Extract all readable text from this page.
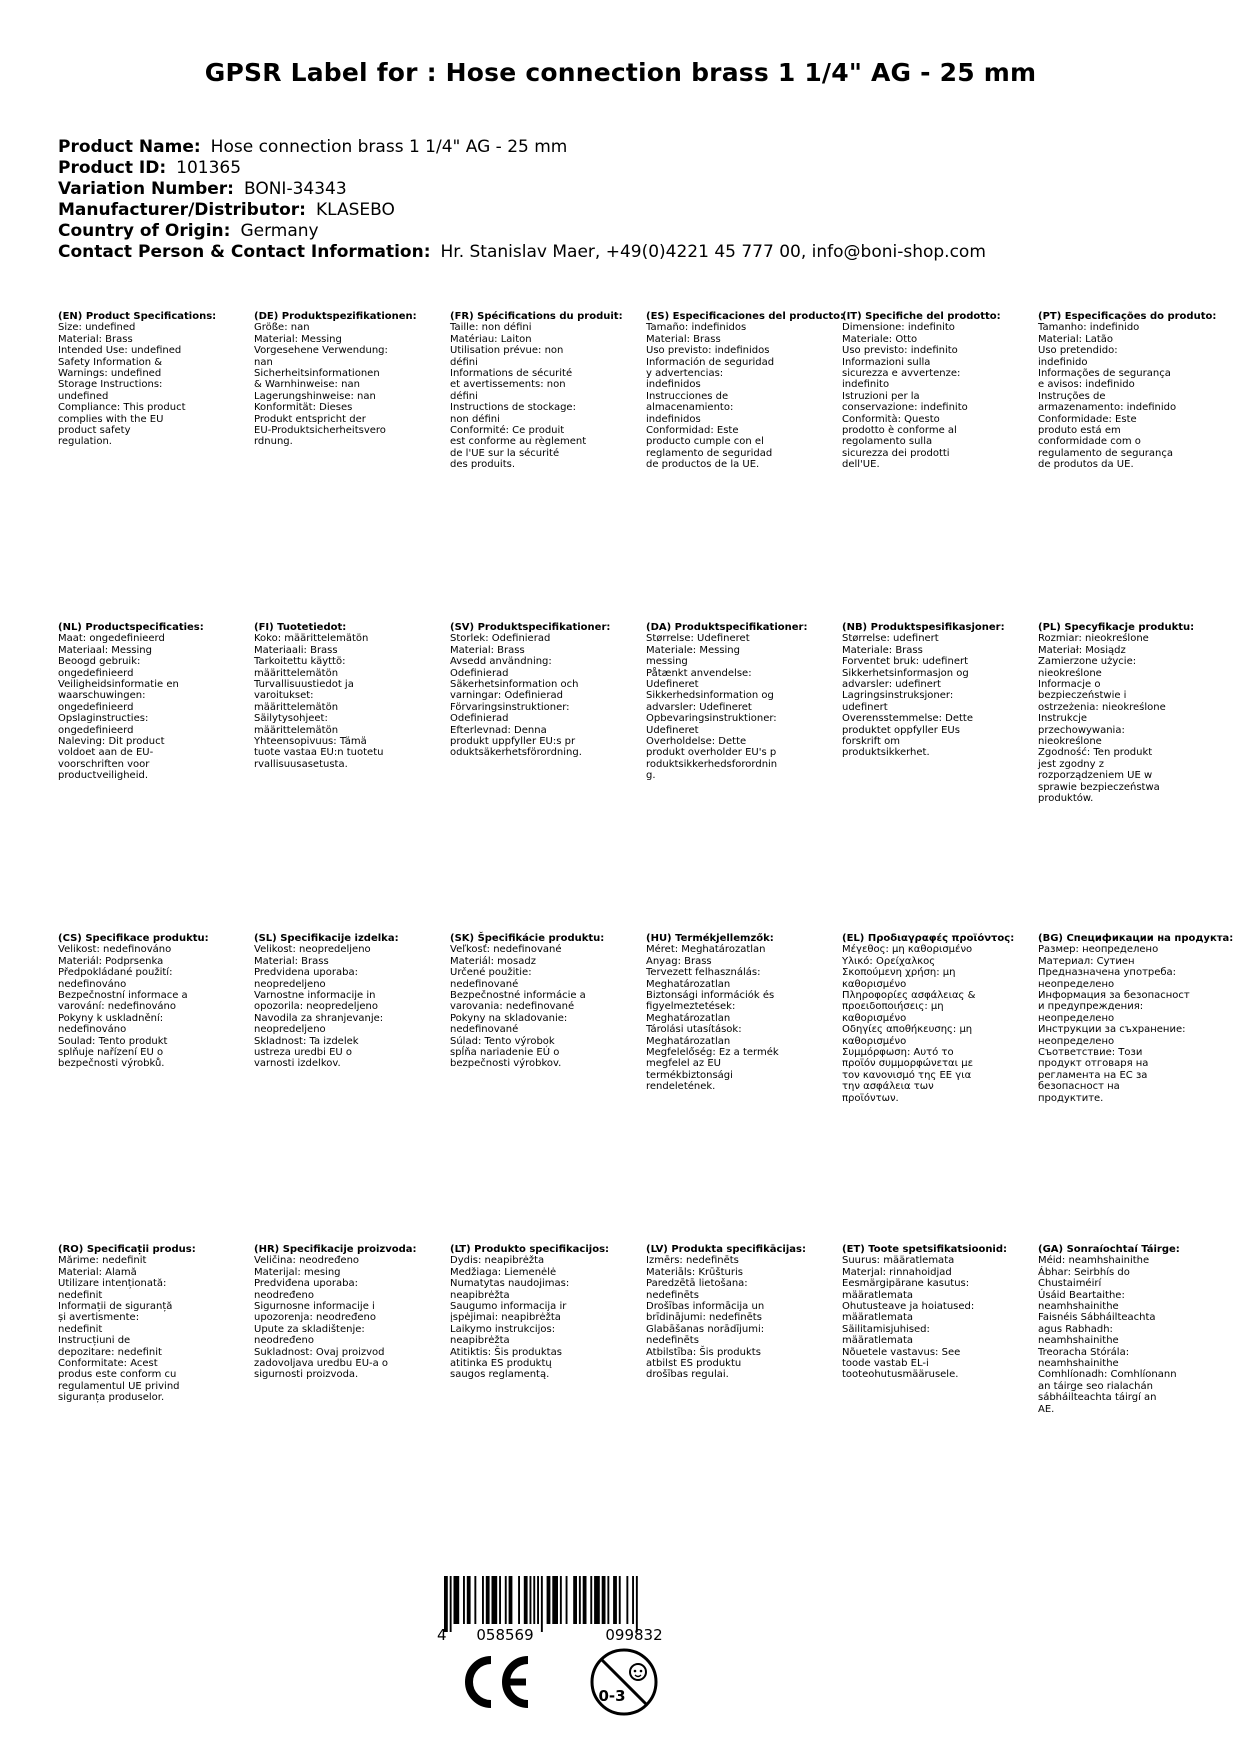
GPSR Label for : Hose connection brass 1 1/4" AG - 25 mm
Product Name: Hose connection brass 1 1/4" AG - 25 mm
Product ID: 101365
Variation Number: BONI-34343
Manufacturer/Distributor: KLASEBO
Country of Origin: Germany
Contact Person & Contact Information: Hr. Stanislav Maer, +49(0)4221 45 777 00, info@boni-shop.com
(EN) Product Specifications:
Size: undefined
Material: Brass
Intended Use: undefined
Safety Information &
Warnings: undefined
Storage Instructions:
undefined
Compliance: This product
complies with the EU
product safety
regulation.
(DE) Produktspezifikationen:
Größe: nan
Material: Messing
Vorgesehene Verwendung:
nan
Sicherheitsinformationen
& Warnhinweise: nan
Lagerungshinweise: nan
Konformität: Dieses
Produkt entspricht der
EU-Produktsicherheitsvero
rdnung.
(FR) Spécifications du produit:
Taille: non défini
Matériau: Laiton
Utilisation prévue: non
défini
Informations de sécurité
et avertissements: non
défini
Instructions de stockage:
non défini
Conformité: Ce produit
est conforme au règlement
de l'UE sur la sécurité
des produits.
(ES) Especificaciones del producto:
Tamaño: indefinidos
Material: Brass
Uso previsto: indefinidos
Información de seguridad
y advertencias:
indefinidos
Instrucciones de
almacenamiento:
indefinidos
Conformidad: Este
producto cumple con el
reglamento de seguridad
de productos de la UE.
(IT) Specifiche del prodotto:
Dimensione: indefinito
Materiale: Otto
Uso previsto: indefinito
Informazioni sulla
sicurezza e avvertenze:
indefinito
Istruzioni per la
conservazione: indefinito
Conformità: Questo
prodotto è conforme al
regolamento sulla
sicurezza dei prodotti
dell'UE.
(PT) Especificações do produto:
Tamanho: indefinido
Material: Latão
Uso pretendido:
indefinido
Informações de segurança
e avisos: indefinido
Instruções de
armazenamento: indefinido
Conformidade: Este
produto está em
conformidade com o
regulamento de segurança
de produtos da UE.
(NL) Productspecificaties:
Maat: ongedefinieerd
Materiaal: Messing
Beoogd gebruik:
ongedefinieerd
Veiligheidsinformatie en
waarschuwingen:
ongedefinieerd
Opslaginstructies:
ongedefinieerd
Naleving: Dit product
voldoet aan de EU-
voorschriften voor
productveiligheid.
(FI) Tuotetiedot:
Koko: määrittelemätön
Materiaali: Brass
Tarkoitettu käyttö:
määrittelemätön
Turvallisuustiedot ja
varoitukset:
määrittelemätön
Säilytysohjeet:
määrittelemätön
Yhteensopivuus: Tämä
tuote vastaa EU:n tuotetu
rvallisuusasetusta.
(SV) Produktspecifikationer:
Storlek: Odefinierad
Material: Brass
Avsedd användning:
Odefinierad
Säkerhetsinformation och
varningar: Odefinierad
Förvaringsinstruktioner:
Odefinierad
Efterlevnad: Denna
produkt uppfyller EU:s pr
oduktsäkerhetsförordning.
(DA) Produktspecifikationer:
Størrelse: Udefineret
Materiale: Messing
messing
Påtænkt anvendelse:
Udefineret
Sikkerhedsinformation og
advarsler: Udefineret
Opbevaringsinstruktioner:
Udefineret
Overholdelse: Dette
produkt overholder EU's p
roduktsikkerhedsforordnin
g.
(NB) Produktspesifikasjoner:
Størrelse: udefinert
Materiale: Brass
Forventet bruk: udefinert
Sikkerhetsinformasjon og
advarsler: udefinert
Lagringsinstruksjoner:
udefinert
Overensstemmelse: Dette
produktet oppfyller EUs
forskrift om
produktsikkerhet.
(PL) Specyfikacje produktu:
Rozmiar: nieokreślone
Materiał: Mosiądz
Zamierzone użycie:
nieokreślone
Informacje o
bezpieczeństwie i
ostrzeżenia: nieokreślone
Instrukcje
przechowywania:
nieokreślone
Zgodność: Ten produkt
jest zgodny z
rozporządzeniem UE w
sprawie bezpieczeństwa
produktów.
(CS) Specifikace produktu:
Velikost: nedefinováno
Materiál: Podprsenka
Předpokládané použití:
nedefinováno
Bezpečnostní informace a
varování: nedefinováno
Pokyny k uskladnění:
nedefinováno
Soulad: Tento produkt
splňuje nařízení EU o
bezpečnosti výrobků.
(SL) Specifikacije izdelka:
Velikost: neopredeljeno
Material: Brass
Predvidena uporaba:
neopredeljeno
Varnostne informacije in
opozorila: neopredeljeno
Navodila za shranjevanje:
neopredeljeno
Skladnost: Ta izdelek
ustreza uredbi EU o
varnosti izdelkov.
(SK) Špecifikácie produktu:
Veľkosť: nedefinované
Materiál: mosadz
Určené použitie:
nedefinované
Bezpečnostné informácie a
varovania: nedefinované
Pokyny na skladovanie:
nedefinované
Súlad: Tento výrobok
spĺňa nariadenie EÚ o
bezpečnosti výrobkov.
(HU) Termékjellemzők:
Méret: Meghatározatlan
Anyag: Brass
Tervezett felhasználás:
Meghatározatlan
Biztonsági információk és
figyelmeztetések:
Meghatározatlan
Tárolási utasítások:
Meghatározatlan
Megfelelőség: Ez a termék
megfelel az EU
termékbiztonsági
rendeletének.
(EL) Προδιαγραφές προϊόντος:
Μέγεθος: μη καθορισμένο
Υλικό: Ορείχαλκος
Σκοπούμενη χρήση: μη
καθορισμένο
Πληροφορίες ασφάλειας &
προειδοποιήσεις: μη
καθορισμένο
Οδηγίες αποθήκευσης: μη
καθορισμένο
Συμμόρφωση: Αυτό το
προϊόν συμμορφώνεται με
τον κανονισμό της ΕΕ για
την ασφάλεια των
προϊόντων.
(BG) Спецификации на продукта:
Размер: неопределено
Материал: Сутиен
Предназначена употреба:
неопределено
Информация за безопасност
и предупреждения:
неопределено
Инструкции за съхранение:
неопределено
Съответствие: Този
продукт отговаря на
регламента на ЕС за
безопасност на
продуктите.
(RO) Specificații produs:
Mărime: nedefinit
Material: Alamă
Utilizare intenționată:
nedefinit
Informații de siguranță
și avertismente:
nedefinit
Instrucțiuni de
depozitare: nedefinit
Conformitate: Acest
produs este conform cu
regulamentul UE privind
siguranța produselor.
(HR) Specifikacije proizvoda:
Veličina: neodređeno
Materijal: mesing
Predviđena uporaba:
neodređeno
Sigurnosne informacije i
upozorenja: neodređeno
Upute za skladištenje:
neodređeno
Sukladnost: Ovaj proizvod
zadovoljava uredbu EU-a o
sigurnosti proizvoda.
(LT) Produkto specifikacijos:
Dydis: neapibrėžta
Medžiaga: Liemenėlė
Numatytas naudojimas:
neapibrėžta
Saugumo informacija ir
įspėjimai: neapibrėžta
Laikymo instrukcijos:
neapibrėžta
Atitiktis: Šis produktas
atitinka ES produktų
saugos reglamentą.
(LV) Produkta specifikācijas:
Izmērs: nedefinēts
Materiāls: Krūšturis
Paredzētā lietošana:
nedefinēts
Drošības informācija un
brīdinājumi: nedefinēts
Glabāšanas norādījumi:
nedefinēts
Atbilstība: Šis produkts
atbilst ES produktu
drošības regulai.
(ET) Toote spetsifikatsioonid:
Suurus: määratlemata
Materjal: rinnahoidjad
Eesmärgipärane kasutus:
määratlemata
Ohutusteave ja hoiatused:
määratlemata
Säilitamisjuhised:
määratlemata
Nõuetele vastavus: See
toode vastab EL-i
tooteohutusmäärusele.
(GA) Sonraíochtaí Táirge:
Méid: neamhshainithe
Ábhar: Seirbhís do
Chustaiméirí
Úsáid Beartaithe:
neamhshainithe
Faisnéis Sábháilteachta
agus Rabhadh:
neamhshainithe
Treoracha Stórála:
neamhshainithe
Comhlíonadh: Comhlíonann
an táirge seo rialachán
sábháilteachta táirgí an
AE.
4 058569	099832
0-3
